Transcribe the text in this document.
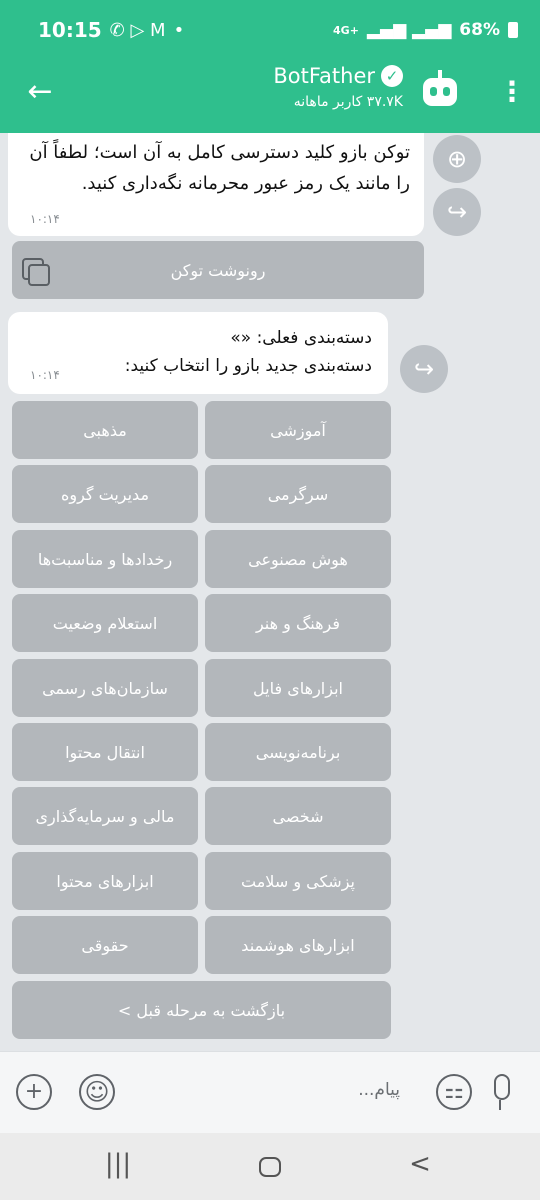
10:15 ✆ ▷ M •	4G+ ▂▄▆ ▂▄▆ 68%
←	BotFather ✓
۳۷.۷K کاربر ماهانه	⋮
توکن بازو کلید دسترسی کامل به آن است؛ لطفاً آن را مانند یک رمز عبور محرمانه نگه‌داری کنید.
۱۰:۱۴
⊕
↪
رونوشت توکن
دسته‌بندی فعلی: «»
دسته‌بندی جدید بازو را انتخاب کنید:
۱۰:۱۴	↪
آموزشی
مذهبی
سرگرمی
مدیریت گروه
هوش مصنوعی
رخدادها و مناسبت‌ها
فرهنگ و هنر
استعلام وضعیت
ابزارهای فایل
سازمان‌های رسمی
برنامه‌نویسی
انتقال محتوا
شخصی
مالی و سرمایه‌گذاری
پزشکی و سلامت
ابزارهای محتوا
ابزارهای هوشمند
حقوقی
بازگشت به مرحله قبل >
+	☺	پیام...	⚏
|||	<
